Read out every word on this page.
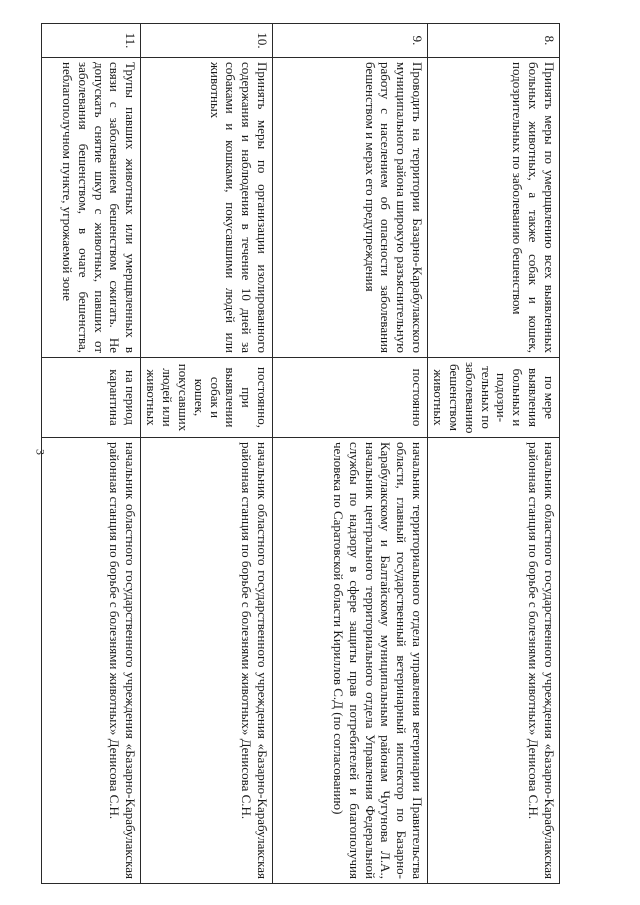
3
8.	Принять меры по умерщвлению всех выявленных больных животных, а также собак и кошек, подозрительных по заболеванию бешенством	по мере выявления больных и подозри-тельных по заболеванию бешенством животных	начальник областного государственного учреждения «Базарно-Карабулакская районная станция по борьбе с болезнями животных» Денисова С.Н.
9.	Проводить на территории Базарно-Карабулакского муниципального района широкую разъяснительную работу с населением об опасности заболевания бешенством и мерах его предупреждения	постоянно	начальник территориального отдела управления ветеринарии Правительства области, главный государственный ветеринарный инспектор по Базарно-Карабулакскому и Балтайскому муниципальным районам Чугунова Л.А., начальник центрального территориального отдела Управления Федеральной службы по надзору в сфере защиты прав потребителей и благополучия человека по Саратовской области Кириллов С.Д (по согласованию)
10.	Принять меры по организации изолированного содержания и наблюдения в течение 10 дней за собаками и кошками, покусавшими людей или животных	постоянно, при выявлении собак и кошек, покусавших людей или животных	начальник областного государственного учреждения «Базарно-Карабулакская районная станция по борьбе с болезнями животных» Денисова С.Н.
11.	Трупы павших животных или умерщвленных в связи с заболеванием бешенством сжигать. Не допускать снятие шкур с животных, павших от заболевания бешенством, в очаге бешенства, неблагополучном пункте, угрожаемой зоне	на период карантина	начальник областного государственного учреждения «Базарно-Карабулакская районная станция по борьбе с болезнями животных» Денисова С.Н.
